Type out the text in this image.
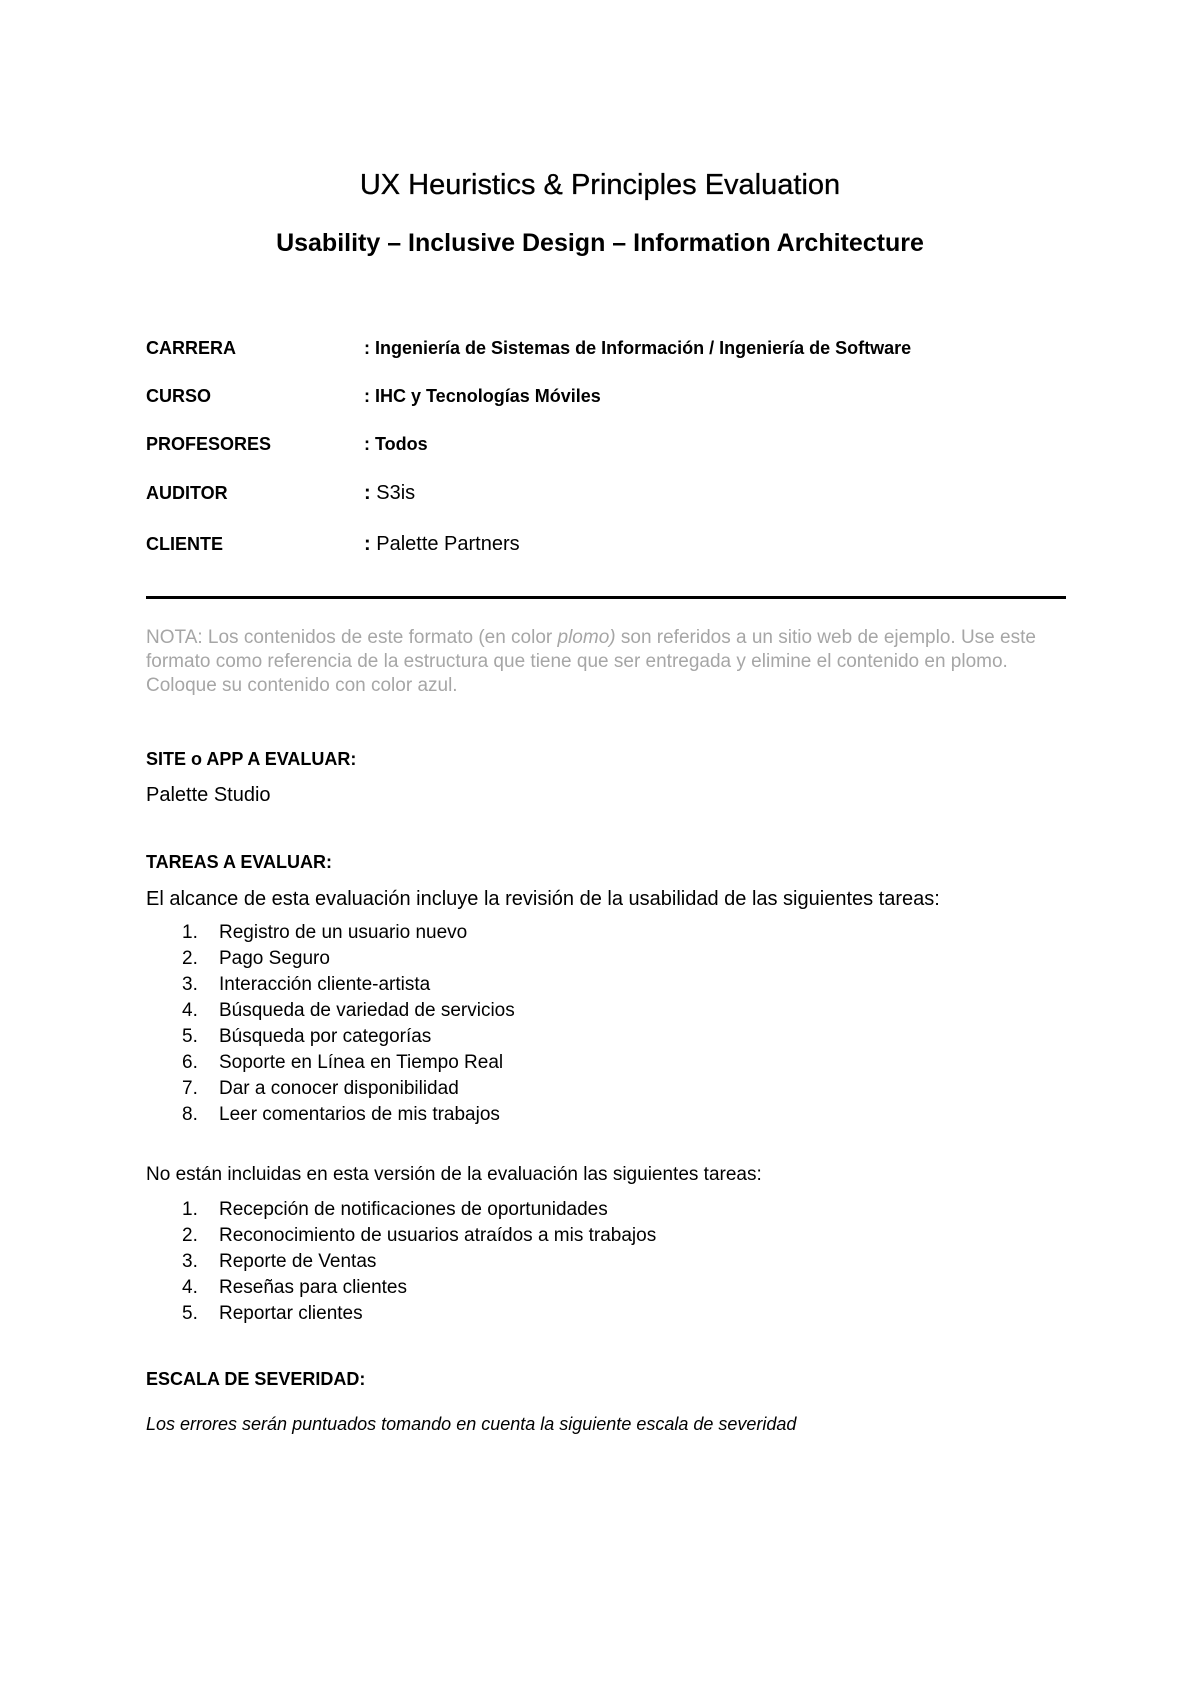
UX Heuristics & Principles Evaluation
Usability – Inclusive Design – Information Architecture
CARRERA	: Ingeniería de Sistemas de Información / Ingeniería de Software
CURSO	: IHC y Tecnologías Móviles
PROFESORES	: Todos
AUDITOR	: S3is
CLIENTE	: Palette Partners
NOTA: Los contenidos de este formato (en color plomo) son referidos a un sitio web de ejemplo. Use este formato como referencia de la estructura que tiene que ser entregada y elimine el contenido en plomo. Coloque su contenido con color azul.
SITE o APP A EVALUAR:
Palette Studio
TAREAS A EVALUAR:
El alcance de esta evaluación incluye la revisión de la usabilidad de las siguientes tareas:
1. Registro de un usuario nuevo
2. Pago Seguro
3. Interacción cliente-artista
4. Búsqueda de variedad de servicios
5. Búsqueda por categorías
6. Soporte en Línea en Tiempo Real
7. Dar a conocer disponibilidad
8. Leer comentarios de mis trabajos
No están incluidas en esta versión de la evaluación las siguientes tareas:
1. Recepción de notificaciones de oportunidades
2. Reconocimiento de usuarios atraídos a mis trabajos
3. Reporte de Ventas
4. Reseñas para clientes
5. Reportar clientes
ESCALA DE SEVERIDAD:
Los errores serán puntuados tomando en cuenta la siguiente escala de severidad
